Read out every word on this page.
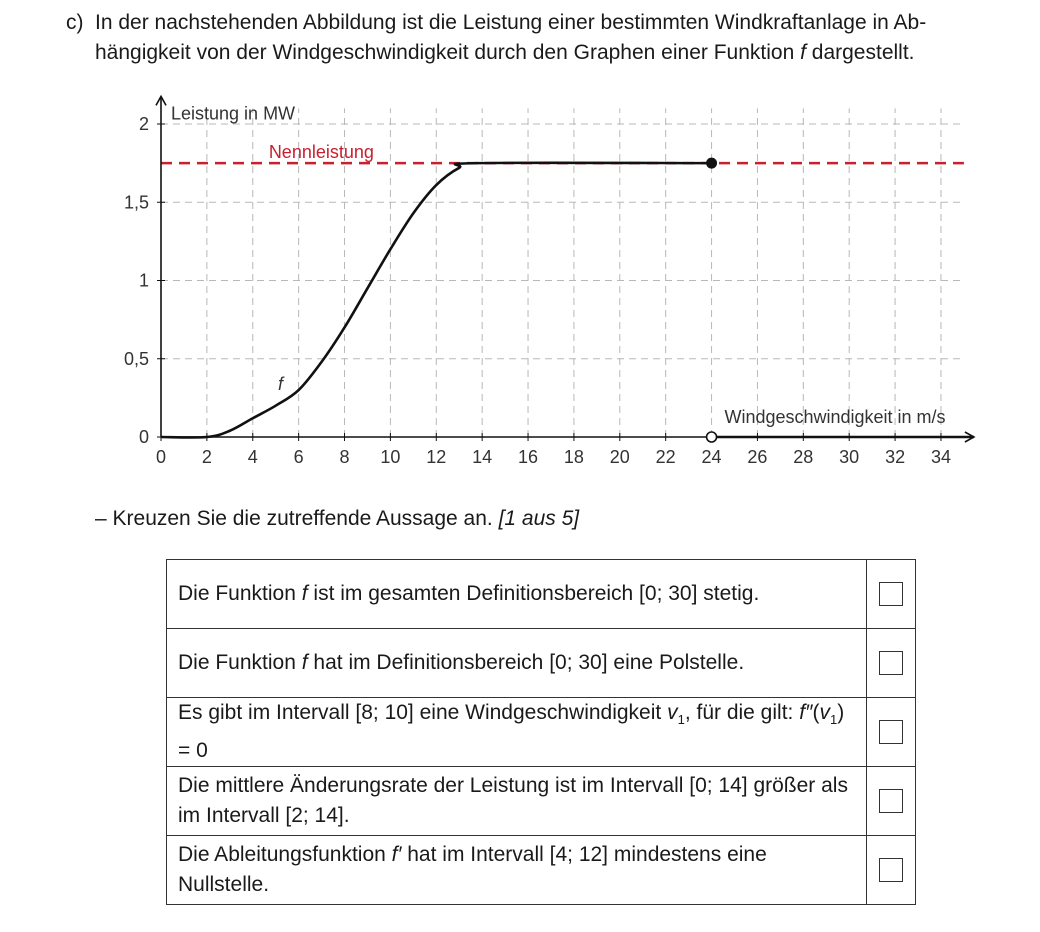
c) In der nachstehenden Abbildung ist die Leistung einer bestimmten Windkraftanlage in Ab-
hängigkeit von der Windgeschwindigkeit durch den Graphen einer Funktion f dargestellt.
Nennleistung
0 2 4 6 8 10 12 14 16 18 20 22 24 26 28 30 32 34
0
0,5
1
1,5
2
Leistung in MW
Windgeschwindigkeit in m/s
f
– Kreuzen Sie die zutreffende Aussage an. [1 aus 5]
Die Funktion f ist im gesamten Definitionsbereich [0; 30] stetig.	
Die Funktion f hat im Definitionsbereich [0; 30] eine Polstelle.	
Es gibt im Intervall [8; 10] eine Windgeschwindigkeit $v_1$, für die gilt: $f''(v_1) = 0$	
Die mittlere Änderungsrate der Leistung ist im Intervall [0; 14] größer als im Intervall [2; 14].	
Die Ableitungsfunktion f′ hat im Intervall [4; 12] mindestens eine Nullstelle.	
